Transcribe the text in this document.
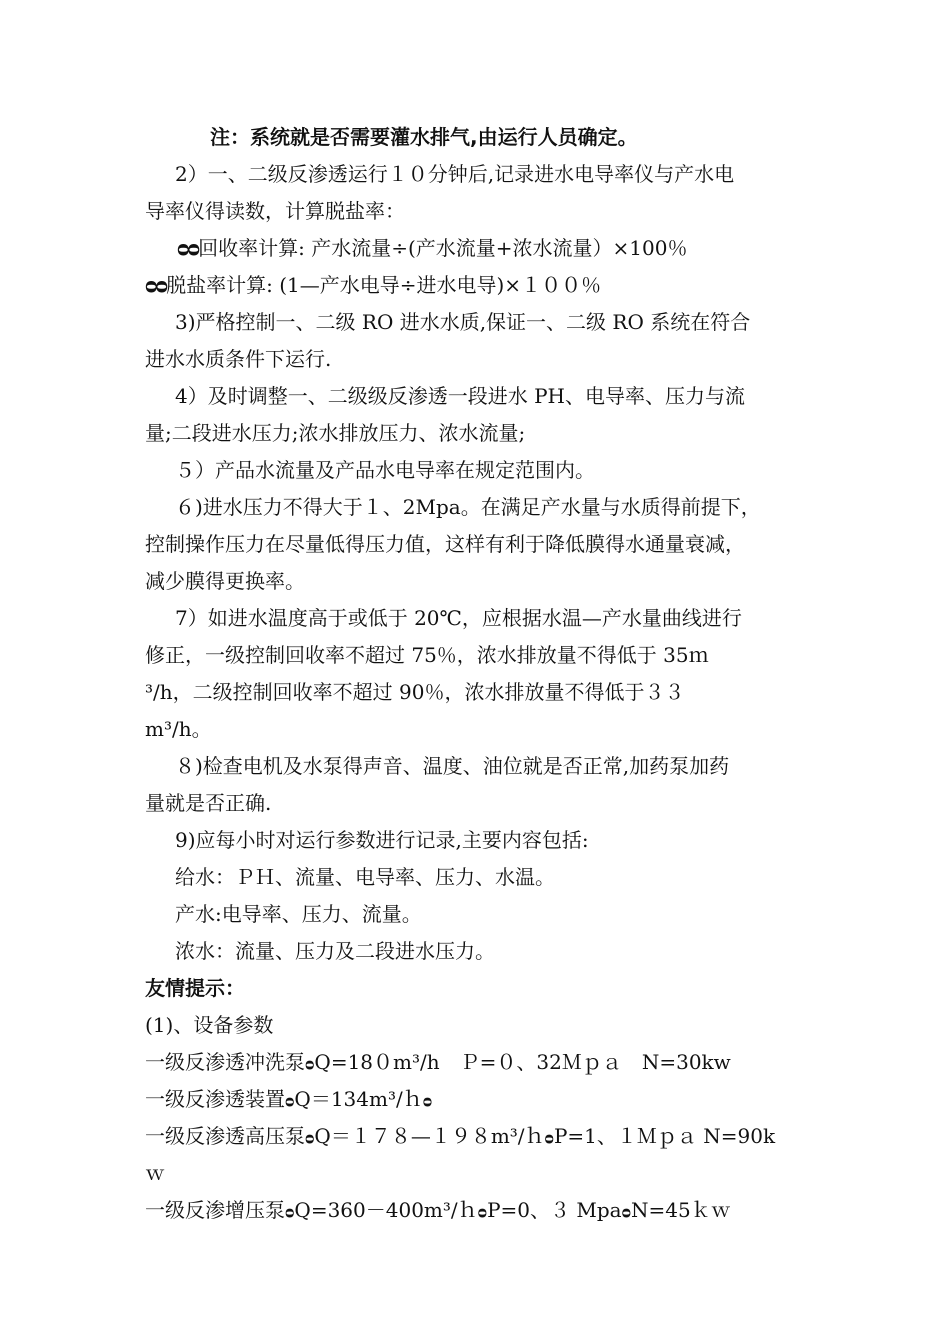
注：系统就是否需要灌水排气,由运行人员确定。
2）一、二级反渗透运行１０分钟后,记录进水电导率仪与产水电
导率仪得读数，计算脱盐率：
ᴑᴑ回收率计算: 产水流量÷(产水流量+浓水流量）×100％
ᴑᴑ脱盐率计算: (1—产水电导÷进水电导)×１００％
3)严格控制一、二级 RO 进水水质,保证一、二级 RO 系统在符合
进水水质条件下运行.
4）及时调整一、二级级反渗透一段进水 PH、电导率、压力与流
量;二段进水压力;浓水排放压力、浓水流量;
５）产品水流量及产品水电导率在规定范围内。
６)进水压力不得大于１、2Mpa。在满足产水量与水质得前提下，
控制操作压力在尽量低得压力值，这样有利于降低膜得水通量衰减，
减少膜得更换率。
7）如进水温度高于或低于 20℃，应根据水温—产水量曲线进行
修正，一级控制回收率不超过 75％，浓水排放量不得低于 35ｍ
³/h，二级控制回收率不超过 90％，浓水排放量不得低于３３
m³/h。
８)检查电机及水泵得声音、温度、油位就是否正常,加药泵加药
量就是否正确.
9)应每小时对运行参数进行记录,主要内容包括:
给水：ＰＨ、流量、电导率、压力、水温。
产水:电导率、压力、流量。
浓水：流量、压力及二段进水压力。
友情提示：
(1)、设备参数
一级反渗透冲洗泵ᴑQ=18０m³/h　Ｐ=０、32Ｍｐａ　N=30kw
一级反渗透装置ᴑQ＝134m³/ｈᴑ
一级反渗透高压泵ᴑQ＝１７８—１９８m³/ｈᴑP=1、１Ｍｐａ N=90k
ｗ
一级反渗增压泵ᴑQ=360－400m³/ｈᴑP=0、３ MpaᴑN=45ｋｗ
